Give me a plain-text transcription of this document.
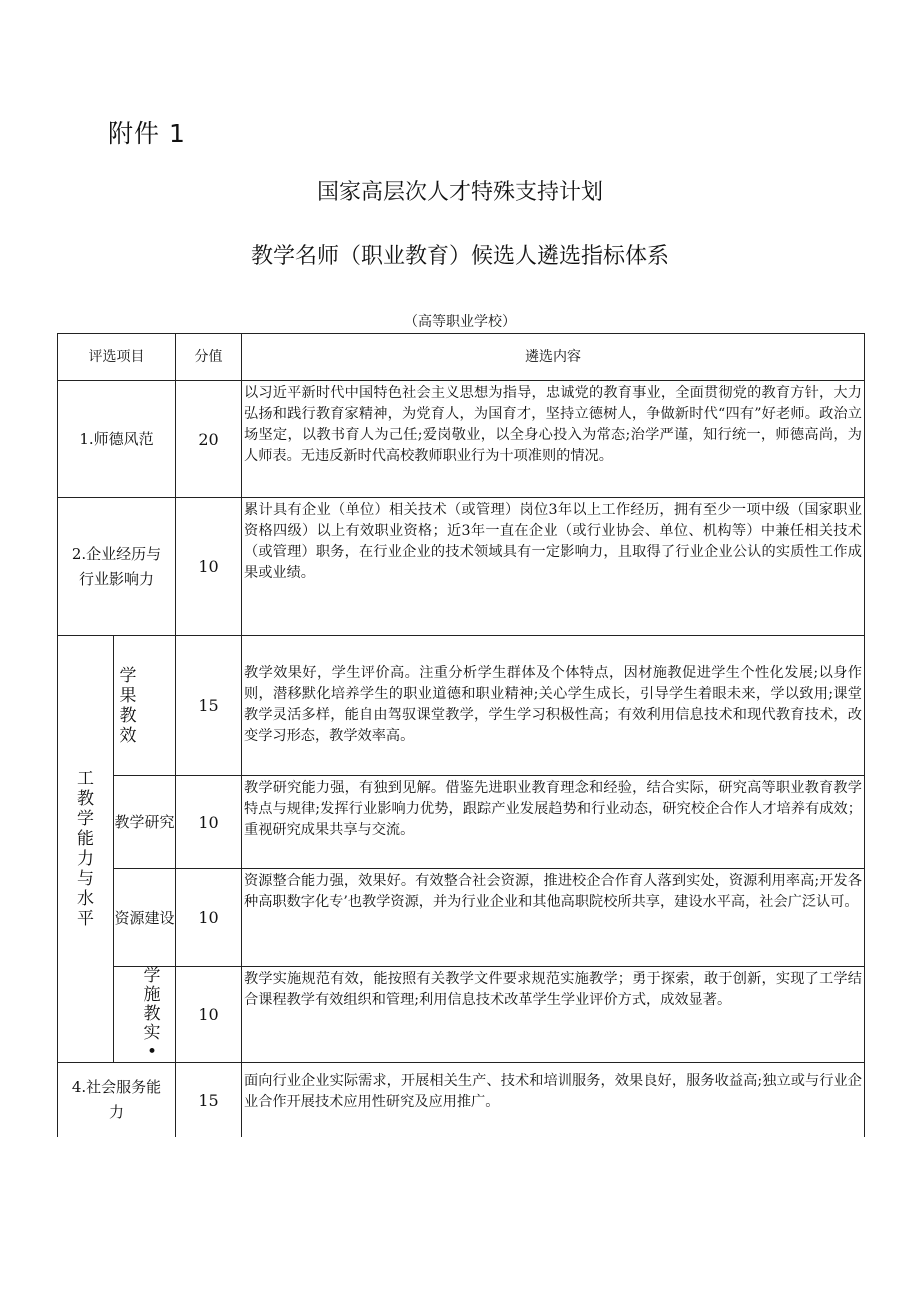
附件 1
国家高层次人才特殊支持计划
教学名师（职业教育）候选人遴选指标体系
（高等职业学校）
评选项目		分值	遴选内容
1.师德风范		20	以习近平新时代中国特色社会主义思想为指导，忠诚党的教育事业，全面贯彻党的教育方针，大力弘扬和践行教育家精神，为党育人，为国育才，坚持立德树人，争做新时代“四有”好老师。政治立场坚定，以教书育人为己任;爱岗敬业，以全身心投入为常态;治学严谨，知行统一，师德高尚，为人师表。无违反新时代高校教师职业行为十项准则的情况。

2.企业经历与行业影响力		10	累计具有企业（单位）相关技术（或管理）岗位3年以上工作经历，拥有至少一项中级（国家职业资格四级）以上有效职业资格；近3年一直在企业（或行业协会、单位、机构等）中兼任相关技术（或管理）职务，在行业企业的技术领域具有一定影响力，且取得了行业企业公认的实质性工作成果或业绩。

工教学能力与水平	学果教效	15	教学效果好，学生评价高。注重分析学生群体及个体特点，因材施教促进学生个性化发展;以身作则，潜移默化培养学生的职业道德和职业精神;关心学生成长，引导学生着眼未来，学以致用;课堂教学灵活多样，能自由驾驭课堂教学，学生学习积极性高；有效利用信息技术和现代教育技术，改变学习形态，教学效率高。

	教学研究	10	教学研究能力强，有独到见解。借鉴先进职业教育理念和经验，结合实际，研究高等职业教育教学特点与规律;发挥行业影响力优势，跟踪产业发展趋势和行业动态，研究校企合作人才培养有成效；重视研究成果共享与交流。

	资源建设	10	资源整合能力强，效果好。有效整合社会资源，推进校企合作育人落到实处，资源利用率高;开发各种高职数字化专’也教学资源，并为行业企业和其他高职院校所共享，建设水平高，社会广泛认可。

	学施教实•	10	教学实施规范有效，能按照有关教学文件要求规范实施教学；勇于探索，敢于创新，实现了工学结合课程教学有效组织和管理;利用信息技术改革学生学业评价方式，成效显著。

4.社会服务能力		15	面向行业企业实际需求，开展相关生产、技术和培训服务，效果良好，服务收益高;独立或与行业企业合作开展技术应用性研究及应用推广。
